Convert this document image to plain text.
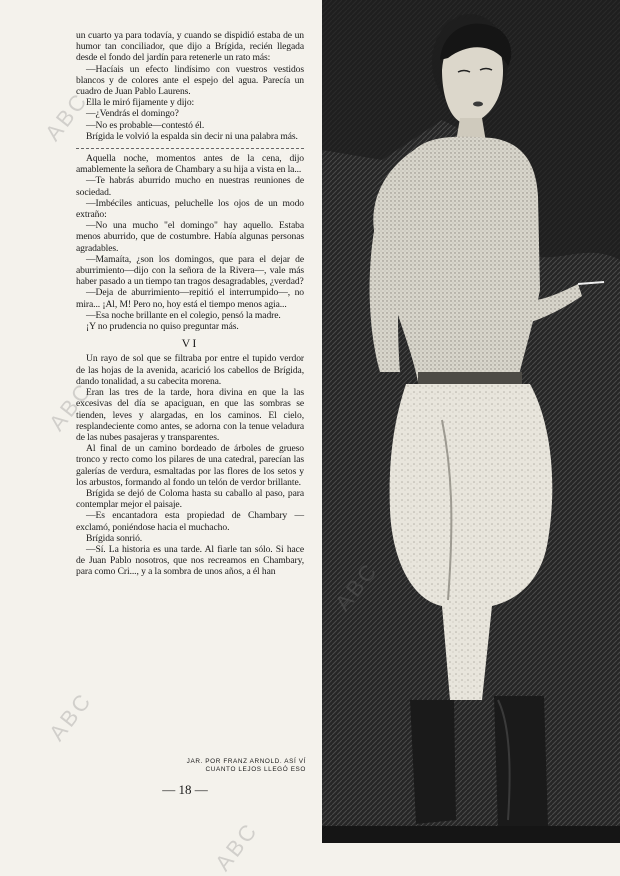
un cuarto ya para todavía, y cuando se dispidió estaba de un humor tan conciliador, que dijo a Brígida, recién llegada desde el fondo del jardín para retenerle un rato más:

—Hacíais un efecto lindísimo con vuestros vestidos blancos y de colores ante el espejo del agua. Parecía un cuadro de Juan Pablo Laurens.

Ella le miró fijamente y dijo:

—¿Vendrás el domingo?

—No es probable—contestó él.

Brígida le volvió la espalda sin decir ni una palabra más.

Aquella noche, momentos antes de la cena, dijo amablemente la señora de Chambary a su hija a vista en la...

—Te habrás aburrido mucho en nuestras reuniones de sociedad.

—Imbéciles anticuas, peluchelle los ojos de un modo extraño:

—No una mucho "el domingo" hay aquello. Estaba menos aburrido, que de costumbre. Había algunas personas agradables.

—Mamaíta, ¿son los domingos, que para el dejar de aburrimiento—dijo con la señora de la Rivera—, vale más haber pasado a un tiempo tan tragos desagradables, ¿verdad?

—Deja de aburrimiento—repitió el interrumpido—, no mira... ¡Al, M! Pero no, hoy está el tiempo menos agia...

—Esa noche brillante en el colegio, pensó la madre.

¡Y no prudencia no quiso preguntar más.

VI

Un rayo de sol que se filtraba por entre el tupido verdor de las hojas de la avenida, acarició los cabellos de Brígida, dando tonalidad, a su cabecita morena.

Eran las tres de la tarde, hora divina en que la las excesivas del día se apaciguan, en que las sombras se tienden, leves y alargadas, en los caminos. El cielo, resplandeciente como antes, se adorna con la tenue veladura de las nubes pasajeras y transparentes.

Al final de un camino bordeado de árboles de grueso tronco y recto como los pilares de una catedral, parecían las galerías de verdura, esmaltadas por las flores de los setos y los arbustos, formando al fondo un telón de verdor brillante.

Brígida se dejó de Coloma hasta su caballo al paso, para contemplar mejor el paisaje.

—Es encantadora esta propiedad de Chambary —exclamó, poniéndose hacia el muchacho.

Brígida sonrió.

—Sí. La historia es una tarde. Al fiarle tan sólo. Si hace de Juan Pablo nosotros, que nos recreamos en Chambary, para como Cri..., y a la sombra de unos años, a él han

JAR. POR FRANZ ARNOLD. ASÍ VÍ
CUANTO LEJOS LLEGÓ ESO
— 18 —
ABC
ABC
ABC
ABC
ABC
